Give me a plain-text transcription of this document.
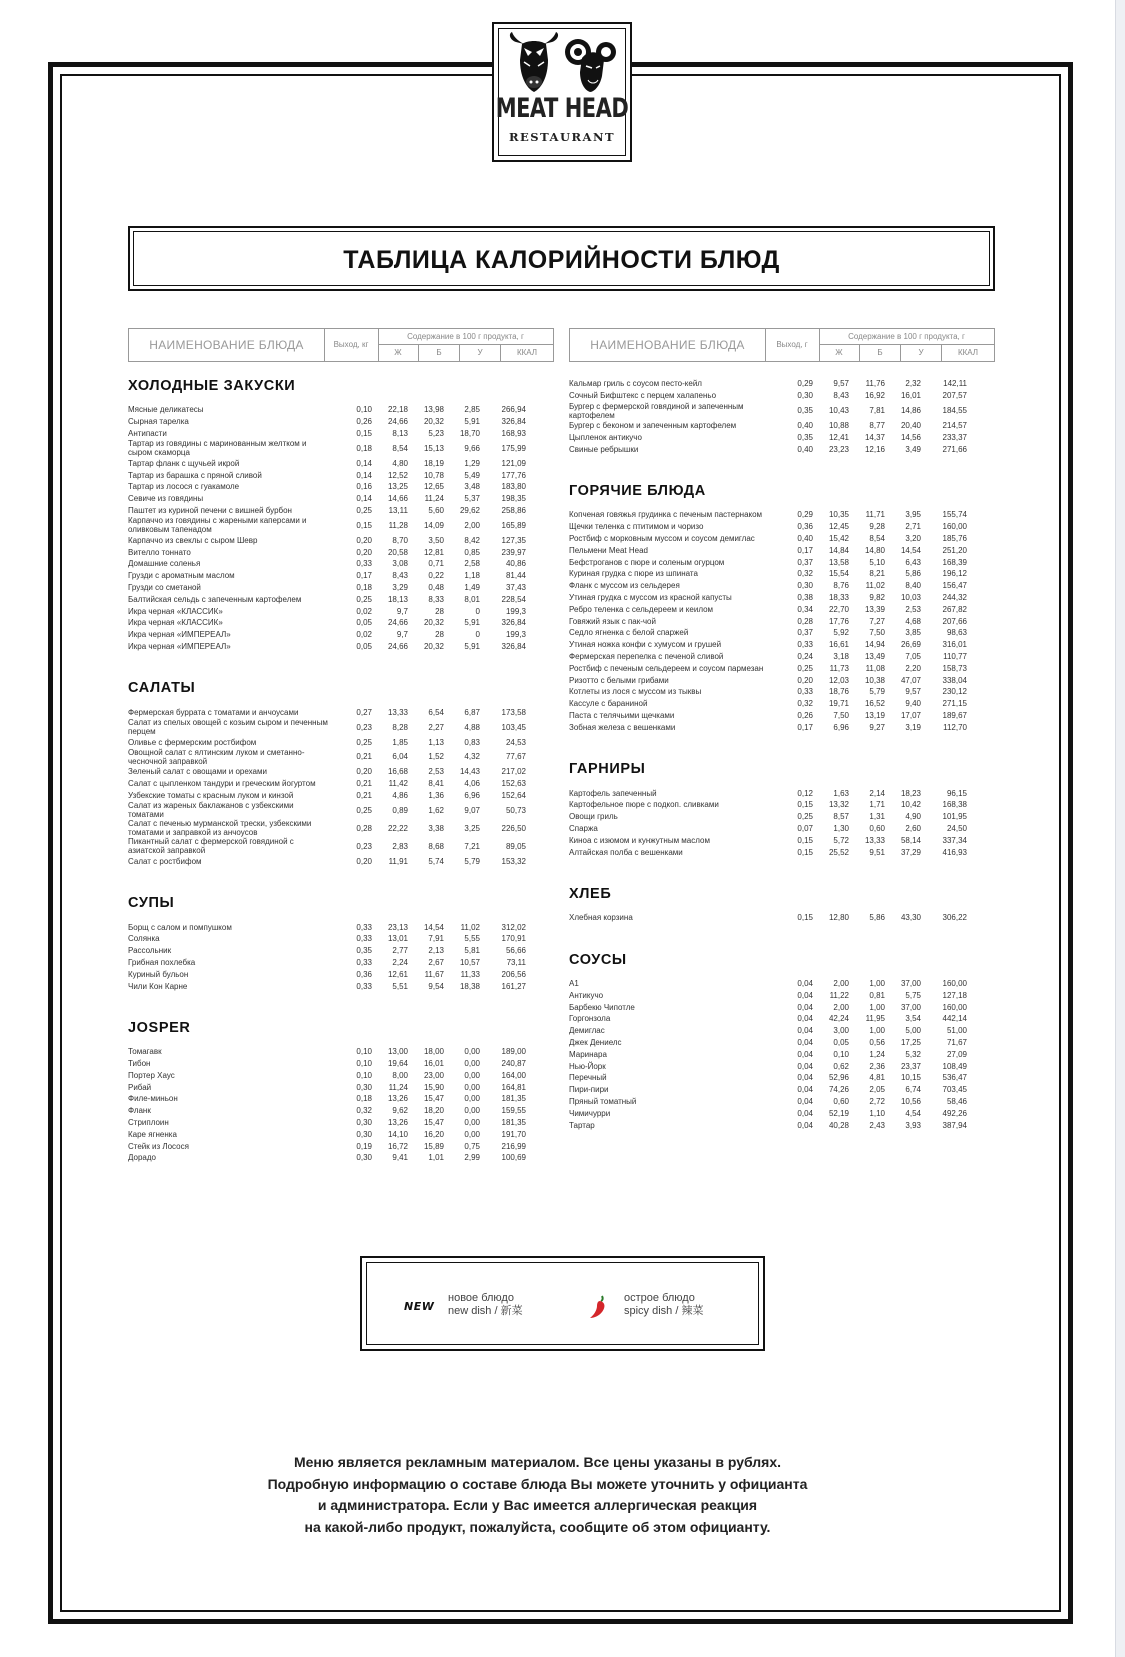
MEAT HEAD
RESTAURANT
ТАБЛИЦА КАЛОРИЙНОСТИ БЛЮД
НАИМЕНОВАНИЕ БЛЮДА	Выход, кг
Содержание в 100 г продукта, г
Ж	Б	У	ККАЛ
ХОЛОДНЫЕ ЗАКУСКИ
Мясные деликатесы	0,10	22,18	13,98	2,85	266,94
Сырная тарелка	0,26	24,66	20,32	5,91	326,84
Антипасти	0,15	8,13	5,23	18,70	168,93
Тартар из говядины с маринованным желтком и сыром скаморца	0,18	8,54	15,13	9,66	175,99
Тартар фланк с щучьей икрой	0,14	4,80	18,19	1,29	121,09
Тартар из барашка с пряной сливой	0,14	12,52	10,78	5,49	177,76
Тартар из лосося с гуакамоле	0,16	13,25	12,65	3,48	183,80
Севиче из говядины	0,14	14,66	11,24	5,37	198,35
Паштет из куриной печени с вишней бурбон	0,25	13,11	5,60	29,62	258,86
Карпаччо из говядины с жареными каперсами и оливковым тапенадом	0,15	11,28	14,09	2,00	165,89
Карпаччо из свеклы с сыром Шевр	0,20	8,70	3,50	8,42	127,35
Вителло тоннато	0,20	20,58	12,81	0,85	239,97
Домашние соленья	0,33	3,08	0,71	2,58	40,86
Грузди с ароматным маслом	0,17	8,43	0,22	1,18	81,44
Грузди со сметаной	0,18	3,29	0,48	1,49	37,43
Балтийская сельдь с запеченным картофелем	0,25	18,13	8,33	8,01	228,54
Икра черная «КЛАССИК»	0,02	9,7	28	0	199,3
Икра черная «КЛАССИК»	0,05	24,66	20,32	5,91	326,84
Икра черная «ИМПЕРЕАЛ»	0,02	9,7	28	0	199,3
Икра черная «ИМПЕРЕАЛ»	0,05	24,66	20,32	5,91	326,84
САЛАТЫ
Фермерская буррата с томатами и анчоусами	0,27	13,33	6,54	6,87	173,58
Салат из спелых овощей с козьим сыром и печенным перцем	0,23	8,28	2,27	4,88	103,45
Оливье с фермерским ростбифом	0,25	1,85	1,13	0,83	24,53
Овощной салат с ялтинским луком и сметанно-чесночной заправкой	0,21	6,04	1,52	4,32	77,67
Зеленый салат с овощами и орехами	0,20	16,68	2,53	14,43	217,02
Салат с цыпленком тандури и греческим йогуртом	0,21	11,42	8,41	4,06	152,63
Узбекские томаты с красным луком и кинзой	0,21	4,86	1,36	6,96	152,64
Салат из жареных баклажанов с узбекскими томатами	0,25	0,89	1,62	9,07	50,73
Салат с печенью мурманской трески, узбекскими томатами и заправкой из анчоусов	0,28	22,22	3,38	3,25	226,50
Пикантный салат с фермерской говядиной с азиатской заправкой	0,23	2,83	8,68	7,21	89,05
Салат с ростбифом	0,20	11,91	5,74	5,79	153,32
СУПЫ
Борщ с салом и помпушком	0,33	23,13	14,54	11,02	312,02
Солянка	0,33	13,01	7,91	5,55	170,91
Рассольник	0,35	2,77	2,13	5,81	56,66
Грибная похлебка	0,33	2,24	2,67	10,57	73,11
Куриный бульон	0,36	12,61	11,67	11,33	206,56
Чили Кон Карне	0,33	5,51	9,54	18,38	161,27
JOSPER
Томагавк	0,10	13,00	18,00	0,00	189,00
Тибон	0,10	19,64	16,01	0,00	240,87
Портер Хаус	0,10	8,00	23,00	0,00	164,00
Рибай	0,30	11,24	15,90	0,00	164,81
Филе-миньон	0,18	13,26	15,47	0,00	181,35
Фланк	0,32	9,62	18,20	0,00	159,55
Стриплоин	0,30	13,26	15,47	0,00	181,35
Каре ягненка	0,30	14,10	16,20	0,00	191,70
Стейк из Лосося	0,19	16,72	15,89	0,75	216,99
Дорадо	0,30	9,41	1,01	2,99	100,69
НАИМЕНОВАНИЕ БЛЮДА	Выход, г
Содержание в 100 г продукта, г
Ж	Б	У	ККАЛ
Кальмар гриль с соусом песто-кейл	0,29	9,57	11,76	2,32	142,11
Сочный Бифштекс с перцем халапеньо	0,30	8,43	16,92	16,01	207,57
Бургер с фермерской говядиной и запеченным картофелем	0,35	10,43	7,81	14,86	184,55
Бургер с беконом и запеченным картофелем	0,40	10,88	8,77	20,40	214,57
Цыпленок антикучо	0,35	12,41	14,37	14,56	233,37
Свиные ребрышки	0,40	23,23	12,16	3,49	271,66
ГОРЯЧИЕ БЛЮДА
Копченая говяжья грудинка с печеным пастернаком	0,29	10,35	11,71	3,95	155,74
Щечки теленка с птитимом и чоризо	0,36	12,45	9,28	2,71	160,00
Ростбиф с морковным муссом и соусом демиглас	0,40	15,42	8,54	3,20	185,76
Пельмени Meat Head	0,17	14,84	14,80	14,54	251,20
Бефстроганов с пюре и соленым огурцом	0,37	13,58	5,10	6,43	168,39
Куриная грудка с пюре из шпината	0,32	15,54	8,21	5,86	196,12
Фланк с муссом из сельдерея	0,30	8,76	11,02	8,40	156,47
Утиная грудка с муссом из красной капусты	0,38	18,33	9,82	10,03	244,32
Ребро теленка с сельдереем и кеилом	0,34	22,70	13,39	2,53	267,82
Говяжий язык с пак-чой	0,28	17,76	7,27	4,68	207,66
Седло ягненка с белой спаржей	0,37	5,92	7,50	3,85	98,63
Утиная ножка конфи с хумусом и грушей	0,33	16,61	14,94	26,69	316,01
Фермерская перепелка с печеной сливой	0,24	3,18	13,49	7,05	110,77
Ростбиф с печеным сельдереем и соусом пармезан	0,25	11,73	11,08	2,20	158,73
Ризотто с белыми грибами	0,20	12,03	10,38	47,07	338,04
Котлеты из лося с муссом из тыквы	0,33	18,76	5,79	9,57	230,12
Кассуле с бараниной	0,32	19,71	16,52	9,40	271,15
Паста с телячьими щечками	0,26	7,50	13,19	17,07	189,67
Зобная железа с вешенками	0,17	6,96	9,27	3,19	112,70
ГАРНИРЫ
Картофель запеченный	0,12	1,63	2,14	18,23	96,15
Картофельное пюре с подкоп. сливками	0,15	13,32	1,71	10,42	168,38
Овощи гриль	0,25	8,57	1,31	4,90	101,95
Спаржа	0,07	1,30	0,60	2,60	24,50
Киноа с изюмом и кунжутным маслом	0,15	5,72	13,33	58,14	337,34
Алтайская полба с вешенками	0,15	25,52	9,51	37,29	416,93
ХЛЕБ
Хлебная корзина	0,15	12,80	5,86	43,30	306,22
СОУСЫ
А1	0,04	2,00	1,00	37,00	160,00
Антикучо	0,04	11,22	0,81	5,75	127,18
Барбекю Чипотле	0,04	2,00	1,00	37,00	160,00
Горгонзола	0,04	42,24	11,95	3,54	442,14
Демиглас	0,04	3,00	1,00	5,00	51,00
Джек Дениелс	0,04	0,05	0,56	17,25	71,67
Маринара	0,04	0,10	1,24	5,32	27,09
Нью-Йорк	0,04	0,62	2,36	23,37	108,49
Перечный	0,04	52,96	4,81	10,15	536,47
Пири-пири	0,04	74,26	2,05	6,74	703,45
Пряный томатный	0,04	0,60	2,72	10,56	58,46
Чимичурри	0,04	52,19	1,10	4,54	492,26
Тартар	0,04	40,28	2,43	3,93	387,94
NEW
новое блюдо
new dish / 新菜
острое блюдо
spicy dish / 辣菜
Меню является рекламным материалом. Все цены указаны в рублях.
Подробную информацию о составе блюда Вы можете уточнить у официанта
и администратора. Если у Вас имеется аллергическая реакция
на какой-либо продукт, пожалуйста, сообщите об этом официанту.
